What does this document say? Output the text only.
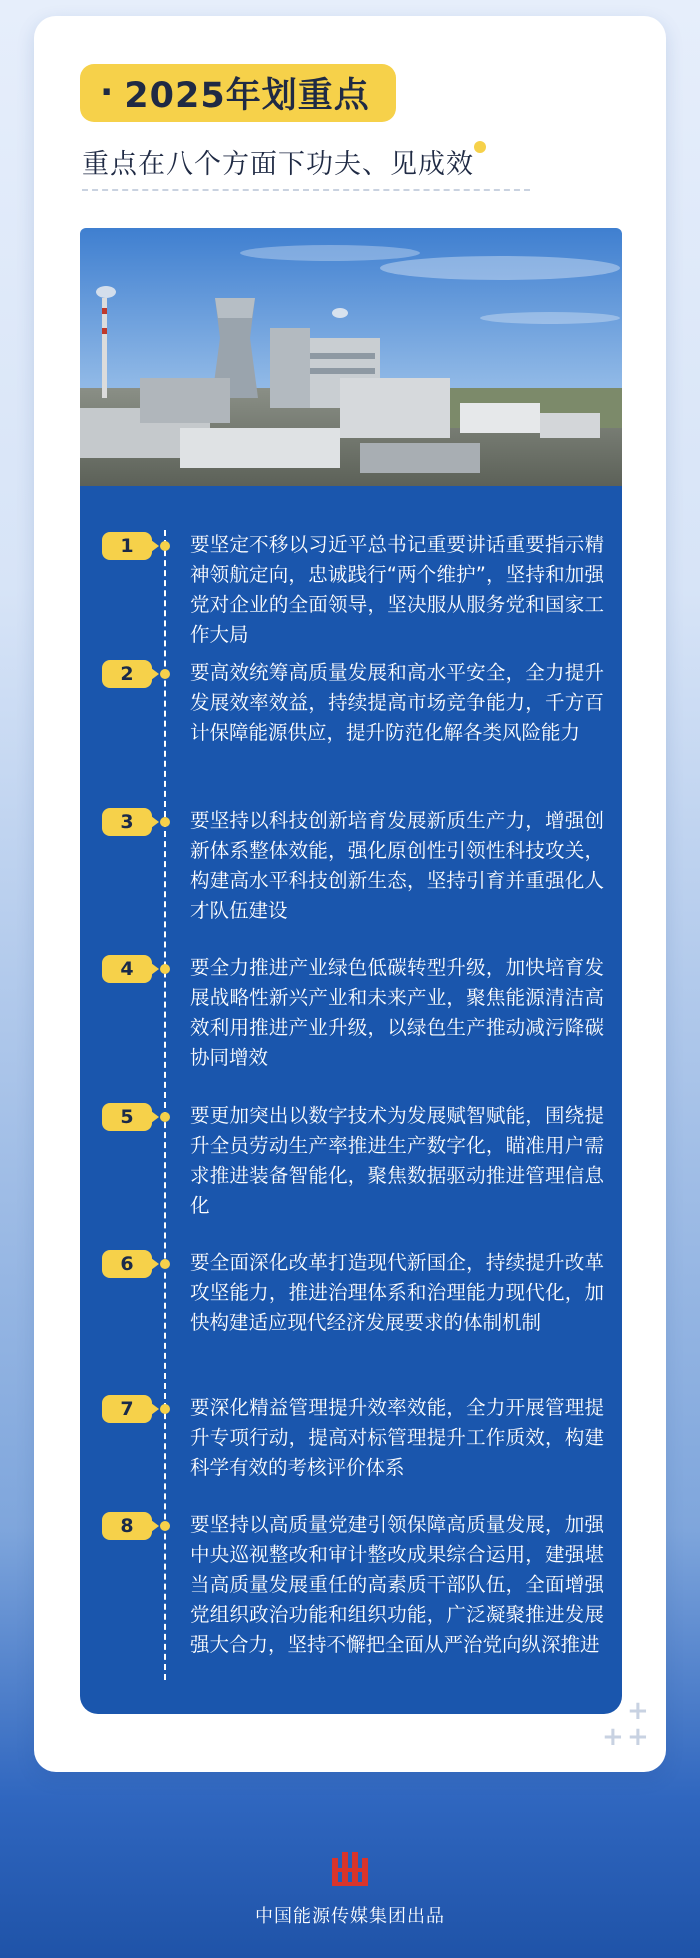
· 2025年划重点
重点在八个方面下功夫、见成效
1	要坚定不移以习近平总书记重要讲话重要指示精神领航定向，忠诚践行“两个维护”，坚持和加强党对企业的全面领导，坚决服从服务党和国家工作大局
2	要高效统筹高质量发展和高水平安全，全力提升发展效率效益，持续提高市场竞争能力，千方百计保障能源供应，提升防范化解各类风险能力
3	要坚持以科技创新培育发展新质生产力，增强创新体系整体效能，强化原创性引领性科技攻关，构建高水平科技创新生态，坚持引育并重强化人才队伍建设
4	要全力推进产业绿色低碳转型升级，加快培育发展战略性新兴产业和未来产业，聚焦能源清洁高效利用推进产业升级，以绿色生产推动减污降碳协同增效
5	要更加突出以数字技术为发展赋智赋能，围绕提升全员劳动生产率推进生产数字化，瞄准用户需求推进装备智能化，聚焦数据驱动推进管理信息化
6	要全面深化改革打造现代新国企，持续提升改革攻坚能力，推进治理体系和治理能力现代化，加快构建适应现代经济发展要求的体制机制
7	要深化精益管理提升效率效能，全力开展管理提升专项行动，提高对标管理提升工作质效，构建科学有效的考核评价体系
8	要坚持以高质量党建引领保障高质量发展，加强中央巡视整改和审计整改成果综合运用，建强堪当高质量发展重任的高素质干部队伍，全面增强党组织政治功能和组织功能，广泛凝聚推进发展强大合力，坚持不懈把全面从严治党向纵深推进
+
+ +
中国能源传媒集团出品
